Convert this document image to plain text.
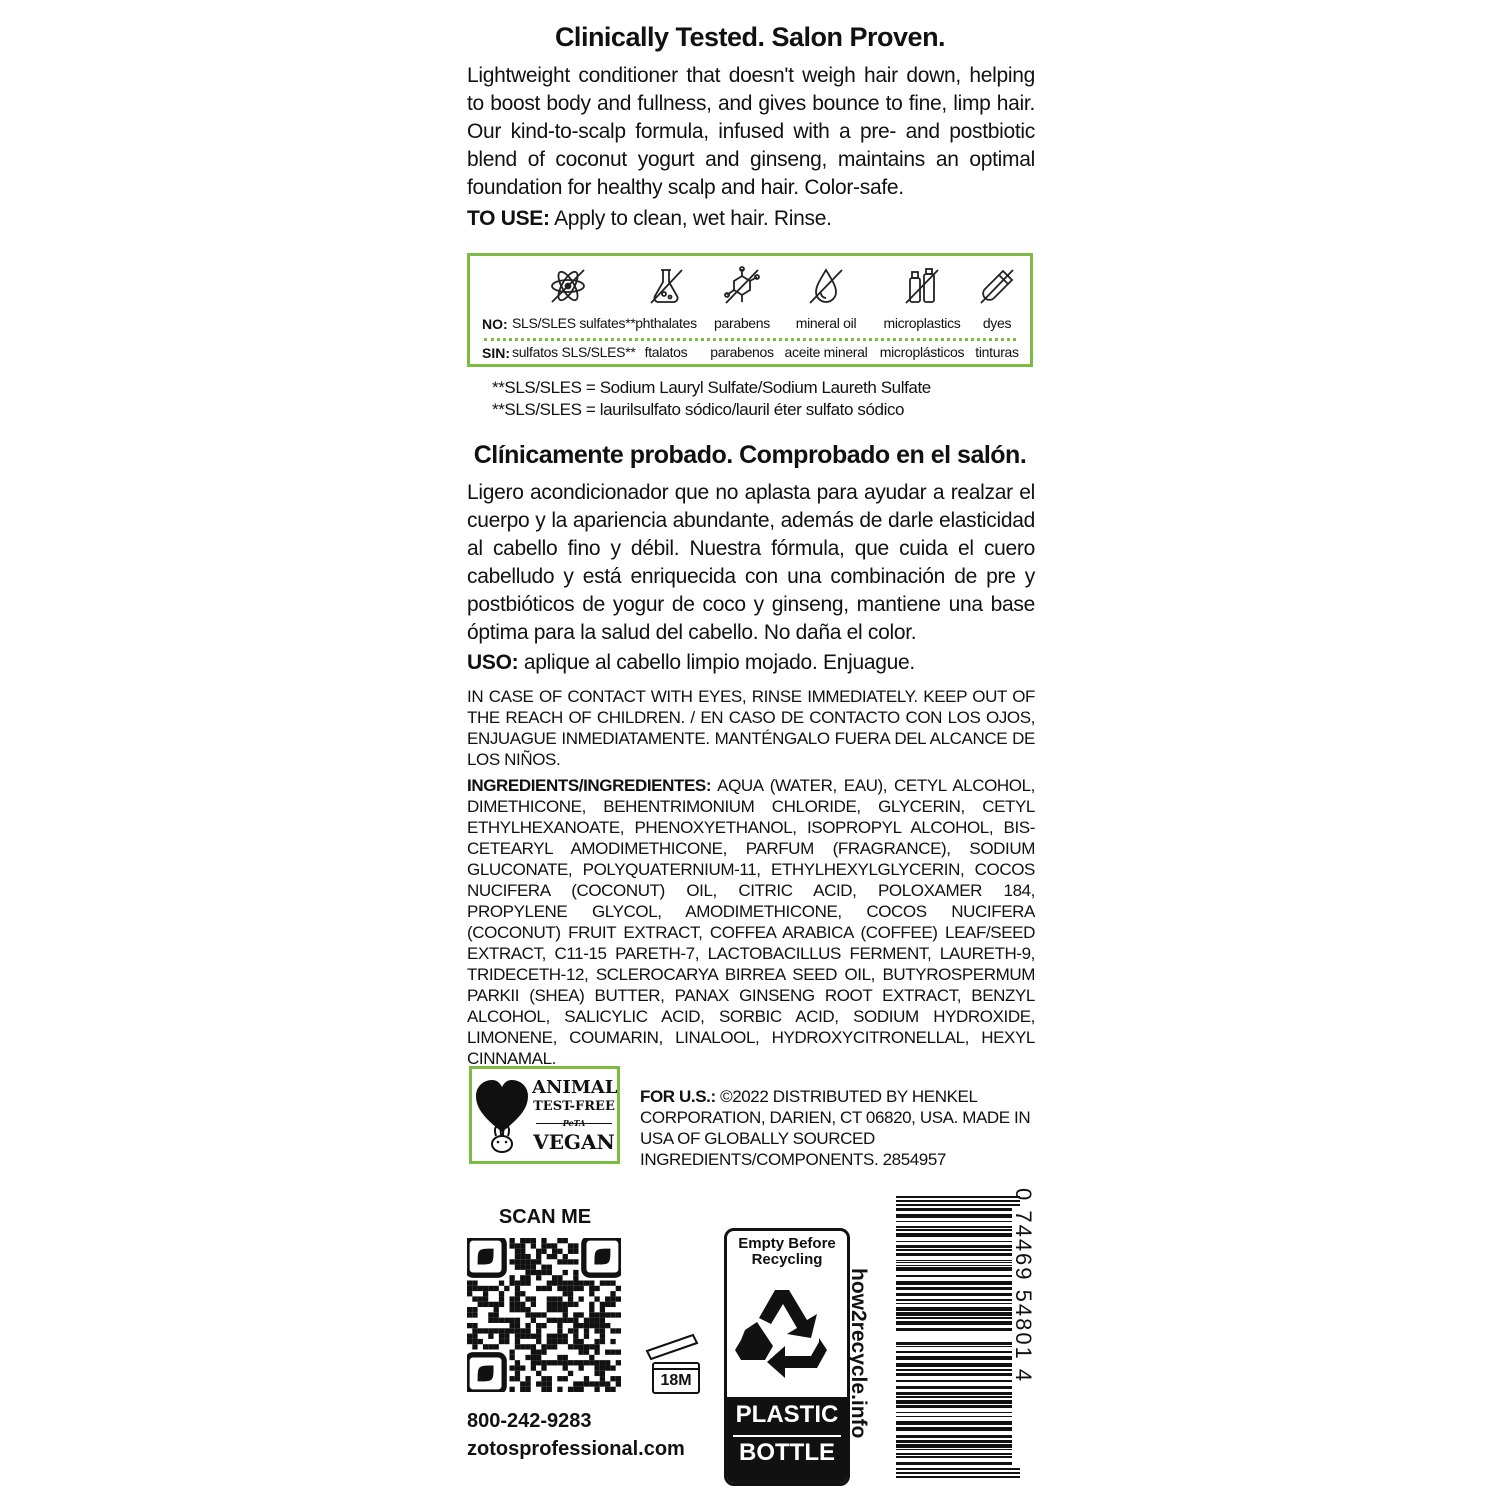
Clinically Tested. Salon Proven.
Lightweight conditioner that doesn't weigh hair down, helping to boost body and fullness, and gives bounce to fine, limp hair. Our kind-to-scalp formula, infused with a pre- and postbiotic blend of coconut yogurt and ginseng, maintains an optimal foundation for healthy scalp and hair. Color-safe.
TO USE: Apply to clean, wet hair. Rinse.
NO:
SIN:
SLS/SLES sulfates**
sulfatos SLS/SLES**
phthalates
ftalatos
parabens
parabenos
mineral oil
aceite mineral
microplastics
microplásticos
dyes
tinturas
**SLS/SLES = Sodium Lauryl Sulfate/Sodium Laureth Sulfate
**SLS/SLES = laurilsulfato sódico/lauril éter sulfato sódico
Clínicamente probado. Comprobado en el salón.
Ligero acondicionador que no aplasta para ayudar a realzar el cuerpo y la apariencia abundante, además de darle elasticidad al cabello fino y débil. Nuestra fórmula, que cuida el cuero cabelludo y está enriquecida con una combinación de pre y postbióticos de yogur de coco y ginseng, mantiene una base óptima para la salud del cabello. No daña el color.
USO: aplique al cabello limpio mojado. Enjuague.
IN CASE OF CONTACT WITH EYES, RINSE IMMEDIATELY. KEEP OUT OF THE REACH OF CHILDREN. / EN CASO DE CONTACTO CON LOS OJOS, ENJUAGUE INMEDIATAMENTE. MANTÉNGALO FUERA DEL ALCANCE DE LOS NIÑOS.
INGREDIENTS/INGREDIENTES: AQUA (WATER, EAU), CETYL ALCOHOL, DIMETHICONE, BEHENTRIMONIUM CHLORIDE, GLYCERIN, CETYL ETHYLHEXANOATE, PHENOXYETHANOL, ISOPROPYL ALCOHOL, BIS-CETEARYL AMODIMETHICONE, PARFUM (FRAGRANCE), SODIUM GLUCONATE, POLYQUATERNIUM-11, ETHYLHEXYLGLYCERIN, COCOS NUCIFERA (COCONUT) OIL, CITRIC ACID, POLOXAMER 184, PROPYLENE GLYCOL, AMODIMETHICONE, COCOS NUCIFERA (COCONUT) FRUIT EXTRACT, COFFEA ARABICA (COFFEE) LEAF/SEED EXTRACT, C11-15 PARETH-7, LACTOBACILLUS FERMENT, LAURETH-9, TRIDECETH-12, SCLEROCARYA BIRREA SEED OIL, BUTYROSPERMUM PARKII (SHEA) BUTTER, PANAX GINSENG ROOT EXTRACT, BENZYL ALCOHOL, SALICYLIC ACID, SORBIC ACID, SODIUM HYDROXIDE, LIMONENE, COUMARIN, LINALOOL, HYDROXYCITRONELLAL, HEXYL CINNAMAL.
ANIMAL
TEST-FREE
PeTA
VEGAN
FOR U.S.: ©2022 DISTRIBUTED BY HENKEL CORPORATION, DARIEN, CT 06820, USA. MADE IN USA OF GLOBALLY SOURCED INGREDIENTS/COMPONENTS. 2854957
SCAN ME
800-242-9283
zotosprofessional.com
18M
Empty Before Recycling
PLASTIC
BOTTLE
how2recycle.info	0 74469 54801 4
